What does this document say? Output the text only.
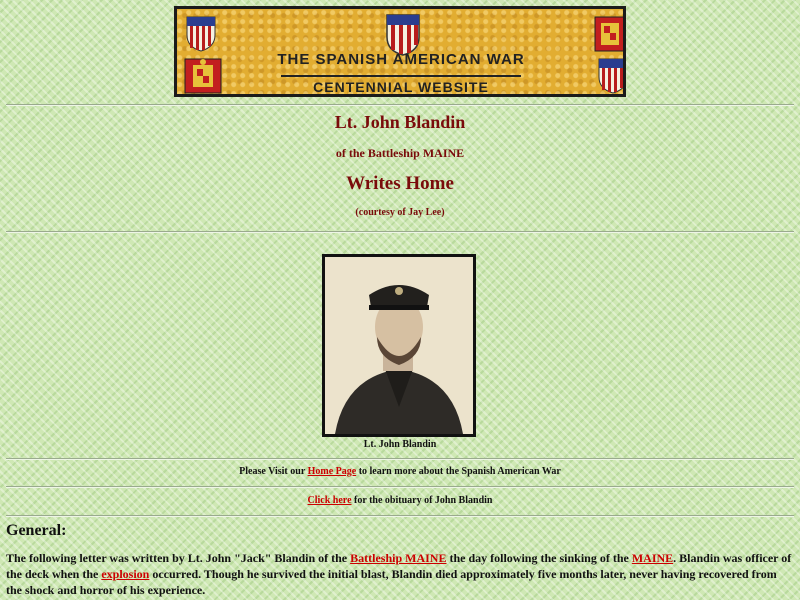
THE SPANISH AMERICAN WAR
CENTENNIAL WEBSITE
Lt. John Blandin
of the Battleship MAINE
Writes Home
(courtesy of Jay Lee)
Lt. John Blandin
Please Visit our Home Page to learn more about the Spanish American War
Click here for the obituary of John Blandin
General:
The following letter was written by Lt. John "Jack" Blandin of the Battleship MAINE the day following the sinking of the MAINE. Blandin was officer of the deck when the explosion occurred. Though he survived the initial blast, Blandin died approximately five months later, never having recovered from the shock and horror of his experience.
